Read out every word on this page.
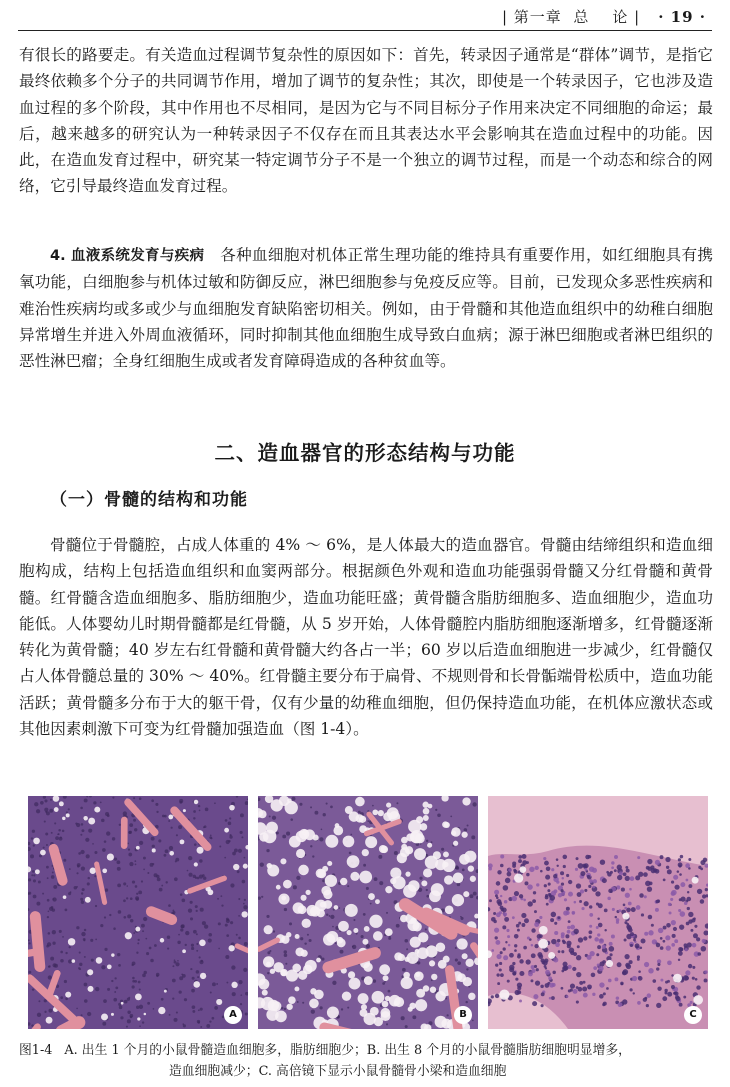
| 第一章  总    论 | · 19 ·

有很长的路要走。有关造血过程调节复杂性的原因如下：首先，转录因子通常是“群体”调节，是指它最终依赖多个分子的共同调节作用，增加了调节的复杂性；其次，即使是一个转录因子，它也涉及造血过程的多个阶段，其中作用也不尽相同，是因为它与不同目标分子作用来决定不同细胞的命运；最后，越来越多的研究认为一种转录因子不仅存在而且其表达水平会影响其在造血过程中的功能。因此，在造血发育过程中，研究某一特定调节分子不是一个独立的调节过程，而是一个动态和综合的网络，它引导最终造血发育过程。

4. 血液系统发育与疾病　各种血细胞对机体正常生理功能的维持具有重要作用，如红细胞具有携氧功能，白细胞参与机体过敏和防御反应，淋巴细胞参与免疫反应等。目前，已发现众多恶性疾病和难治性疾病均或多或少与血细胞发育缺陷密切相关。例如，由于骨髓和其他造血组织中的幼稚白细胞异常增生并进入外周血液循环，同时抑制其他血细胞生成导致白血病；源于淋巴细胞或者淋巴组织的恶性淋巴瘤；全身红细胞生成或者发育障碍造成的各种贫血等。

二、造血器官的形态结构与功能
（一）骨髓的结构和功能

骨髓位于骨髓腔，占成人体重的 4% ～ 6%，是人体最大的造血器官。骨髓由结缔组织和造血细胞构成，结构上包括造血组织和血窦两部分。根据颜色外观和造血功能强弱骨髓又分红骨髓和黄骨髓。红骨髓含造血细胞多、脂肪细胞少，造血功能旺盛；黄骨髓含脂肪细胞多、造血细胞少，造血功能低。人体婴幼儿时期骨髓都是红骨髓，从 5 岁开始，人体骨髓腔内脂肪细胞逐渐增多，红骨髓逐渐转化为黄骨髓；40 岁左右红骨髓和黄骨髓大约各占一半；60 岁以后造血细胞进一步减少，红骨髓仅占人体骨髓总量的 30% ～ 40%。红骨髓主要分布于扁骨、不规则骨和长骨骺端骨松质中，造血功能活跃；黄骨髓多分布于大的躯干骨，仅有少量的幼稚血细胞，但仍保持造血功能，在机体应激状态或其他因素刺激下可变为红骨髓加强造血（图 1-4）。

A	B	C

图1-4 A. 出生 1 个月的小鼠骨髓造血细胞多，脂肪细胞少；B. 出生 8 个月的小鼠骨髓脂肪细胞明显增多，
造血细胞减少；C. 高倍镜下显示小鼠骨髓骨小梁和造血细胞
